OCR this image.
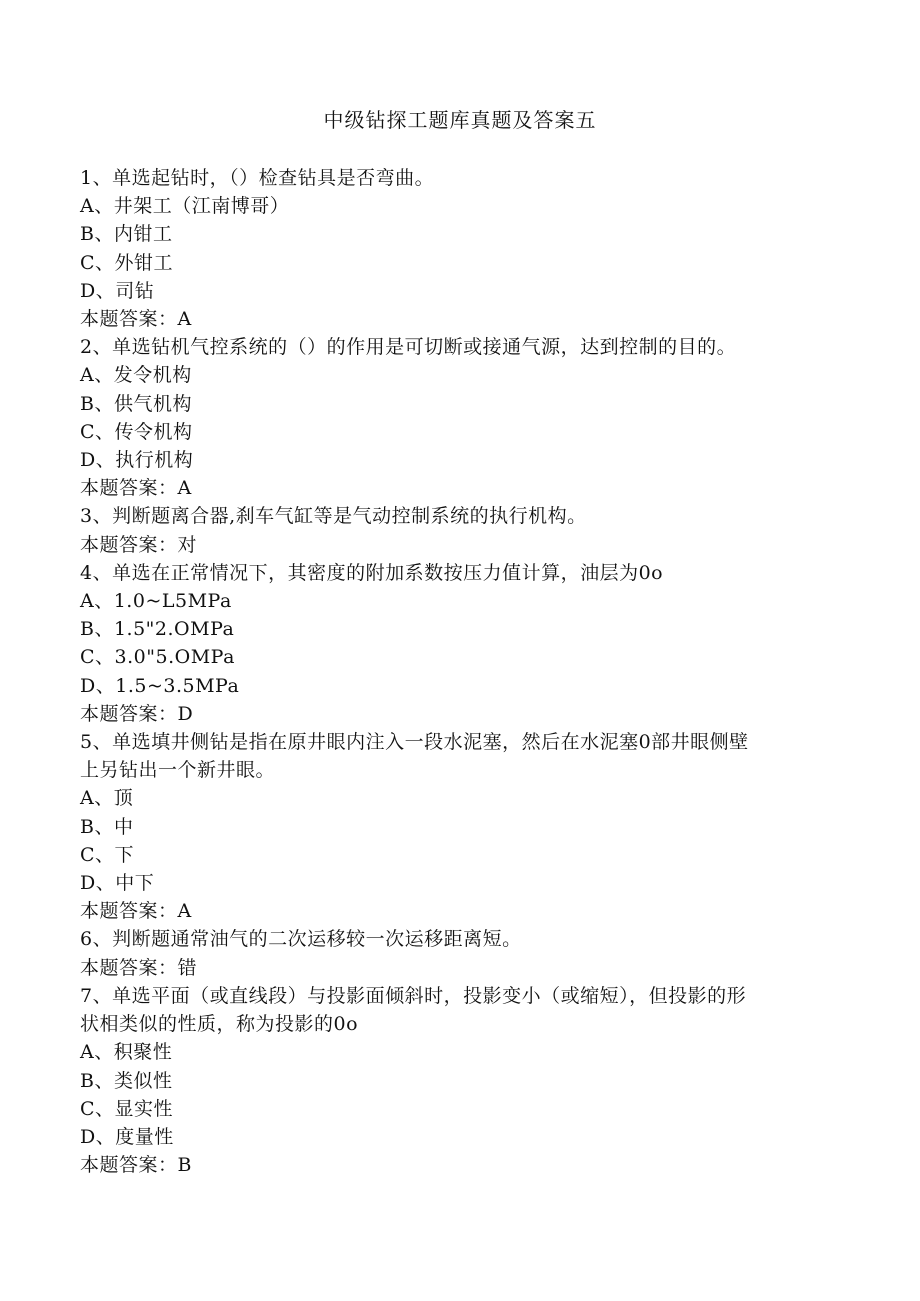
中级钻探工题库真题及答案五
1、单选起钻时，（）检查钻具是否弯曲。
A、井架工（江南博哥）
B、内钳工
C、外钳工
D、司钻
本题答案：A
2、单选钻机气控系统的（）的作用是可切断或接通气源，达到控制的目的。
A、发令机构
B、供气机构
C、传令机构
D、执行机构
本题答案：A
3、判断题离合器,刹车气缸等是气动控制系统的执行机构。
本题答案：对
4、单选在正常情况下，其密度的附加系数按压力值计算，油层为0o
A、1.0~L5MPa
B、1.5"2.OMPa
C、3.0"5.OMPa
D、1.5~3.5MPa
本题答案：D
5、单选填井侧钻是指在原井眼内注入一段水泥塞，然后在水泥塞0部井眼侧壁
上另钻出一个新井眼。
A、顶
B、中
C、下
D、中下
本题答案：A
6、判断题通常油气的二次运移较一次运移距离短。
本题答案：错
7、单选平面（或直线段）与投影面倾斜时，投影变小（或缩短），但投影的形
状相类似的性质，称为投影的0o
A、积聚性
B、类似性
C、显实性
D、度量性
本题答案：B
